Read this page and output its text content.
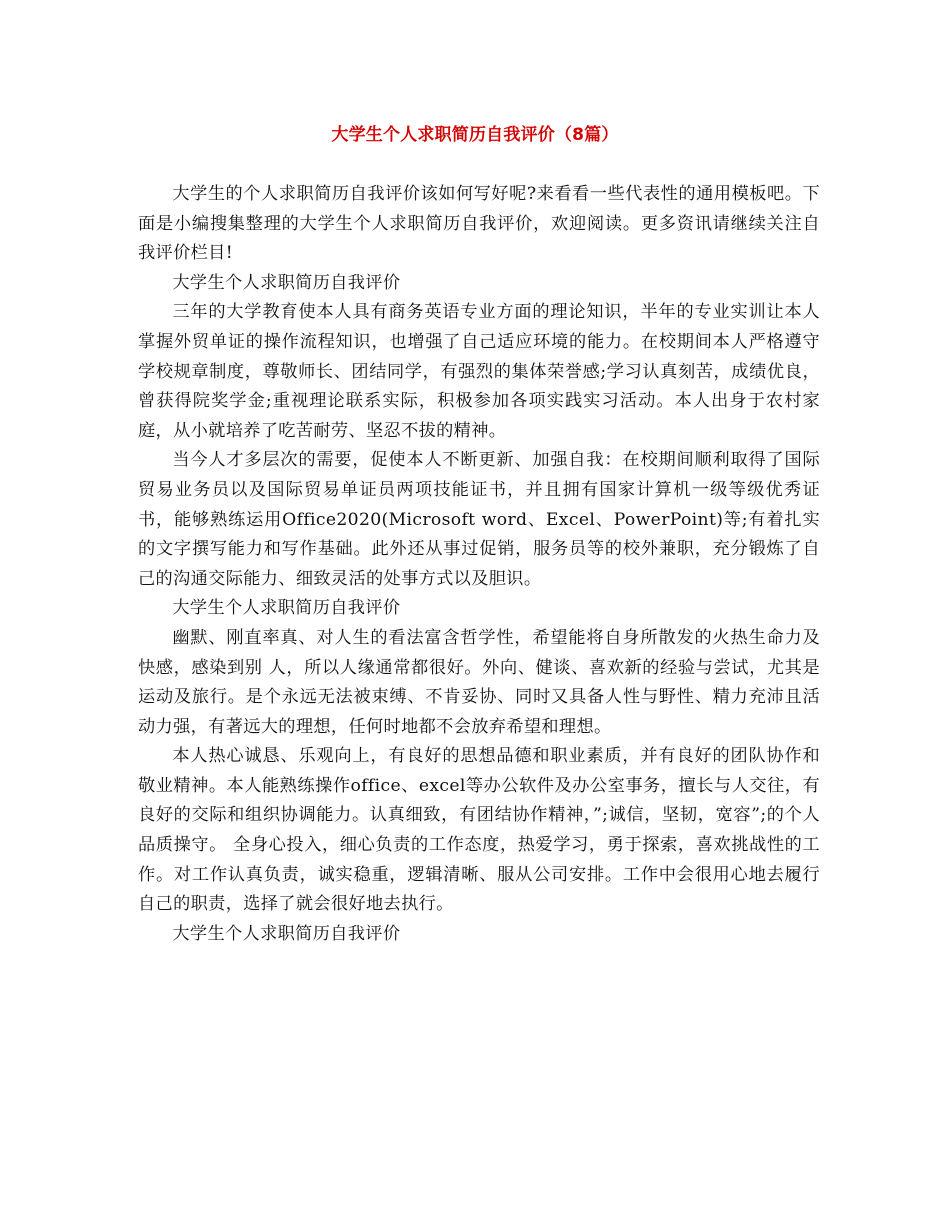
大学生个人求职简历自我评价（8篇）

大学生的个人求职简历自我评价该如何写好呢?来看看一些代表性的通用模板吧。下面是小编搜集整理的大学生个人求职简历自我评价，欢迎阅读。更多资讯请继续关注自我评价栏目!

大学生个人求职简历自我评价

三年的大学教育使本人具有商务英语专业方面的理论知识，半年的专业实训让本人掌握外贸单证的操作流程知识，也增强了自己适应环境的能力。在校期间本人严格遵守学校规章制度，尊敬师长、团结同学，有强烈的集体荣誉感;学习认真刻苦，成绩优良，曾获得院奖学金;重视理论联系实际，积极参加各项实践实习活动。本人出身于农村家庭，从小就培养了吃苦耐劳、坚忍不拔的精神。

当今人才多层次的需要，促使本人不断更新、加强自我：在校期间顺利取得了国际贸易业务员以及国际贸易单证员两项技能证书，并且拥有国家计算机一级等级优秀证书，能够熟练运用Office2020(Microsoft word、Excel、PowerPoint)等;有着扎实的文字撰写能力和写作基础。此外还从事过促销，服务员等的校外兼职，充分锻炼了自己的沟通交际能力、细致灵活的处事方式以及胆识。

大学生个人求职简历自我评价

幽默、刚直率真、对人生的看法富含哲学性，希望能将自身所散发的火热生命力及快感，感染到别 人，所以人缘通常都很好。外向、健谈、喜欢新的经验与尝试，尤其是运动及旅行。是个永远无法被束缚、不肯妥协、同时又具备人性与野性、精力充沛且活动力强，有著远大的理想，任何时地都不会放弃希望和理想。

本人热心诚恳、乐观向上，有良好的思想品德和职业素质，并有良好的团队协作和敬业精神。本人能熟练操作office、excel等办公软件及办公室事务，擅长与人交往，有良好的交际和组织协调能力。认真细致，有团结协作精神，”;诚信，坚韧，宽容”;的个人品质操守。 全身心投入，细心负责的工作态度，热爱学习，勇于探索，喜欢挑战性的工作。对工作认真负责，诚实稳重，逻辑清晰、服从公司安排。工作中会很用心地去履行自己的职责，选择了就会很好地去执行。

大学生个人求职简历自我评价
